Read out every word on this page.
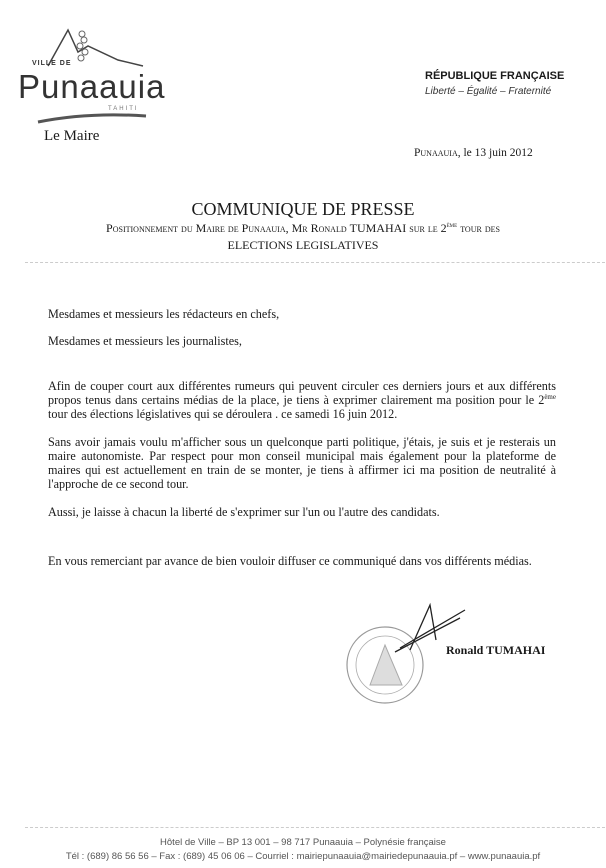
VILLE DE
Punaauia
TAHITI
Le Maire
RÉPUBLIQUE FRANÇAISE
Liberté – Égalité – Fraternité
Punaauia, le 13 juin 2012
COMMUNIQUE DE PRESSE
Positionnement du Maire de Punaauia, Mr Ronald TUMAHAI sur le 2ème tour des
ELECTIONS LEGISLATIVES
Mesdames et messieurs les rédacteurs en chefs,
Mesdames et messieurs les journalistes,
Afin de couper court aux différentes rumeurs qui peuvent circuler ces derniers jours et aux différents propos tenus dans certains médias de la place, je tiens à exprimer clairement ma position pour le 2ème tour des élections législatives qui se déroulera . ce samedi 16 juin 2012.
Sans avoir jamais voulu m'afficher sous un quelconque parti politique, j'étais, je suis et je resterais un maire autonomiste. Par respect pour mon conseil municipal mais également pour la plateforme de maires qui est actuellement en train de se monter, je tiens à affirmer ici ma position de neutralité à l'approche de ce second tour.
Aussi, je laisse à chacun la liberté de s'exprimer sur l'un ou l'autre des candidats.
En vous remerciant par avance de bien vouloir diffuser ce communiqué dans vos différents médias.
Ronald TUMAHAI
Hôtel de Ville – BP 13 001 – 98 717 Punaauia – Polynésie française
Tél : (689) 86 56 56 – Fax : (689) 45 06 06 – Courriel : mairiepunaauia@mairiedepunaauia.pf – www.punaauia.pf
